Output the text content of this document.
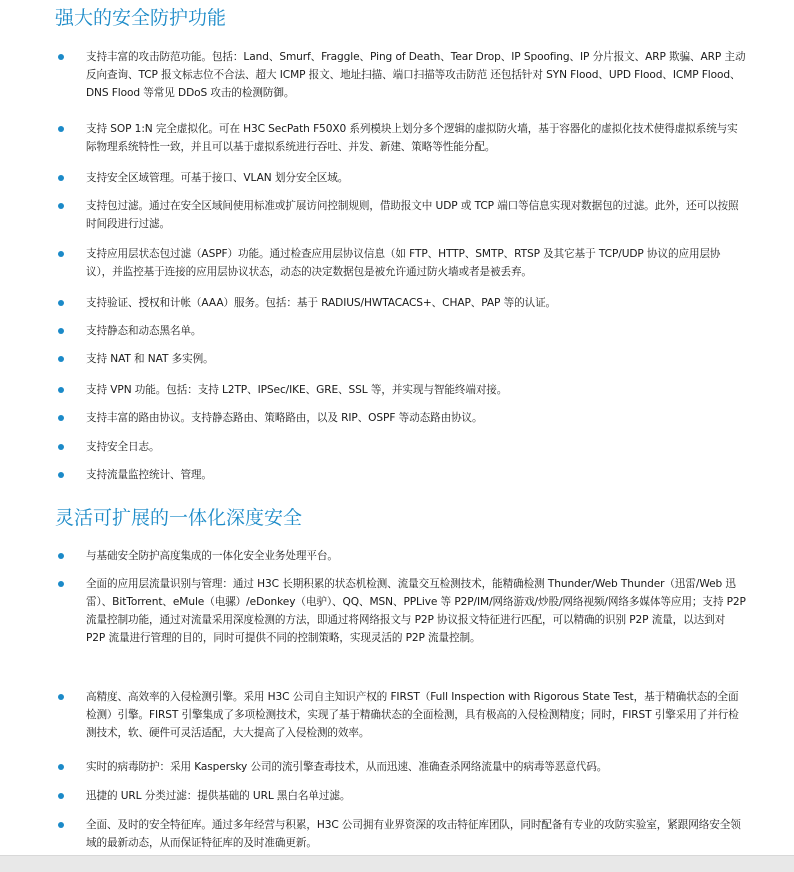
强大的安全防护功能
支持丰富的攻击防范功能。包括：Land、Smurf、Fraggle、Ping of Death、Tear Drop、IP Spoofing、IP 分片报文、ARP 欺骗、ARP 主动反向查询、TCP 报文标志位不合法、超大 ICMP 报文、地址扫描、端口扫描等攻击防范 还包括针对 SYN Flood、UPD Flood、ICMP Flood、DNS Flood 等常见 DDoS 攻击的检测防御。
支持 SOP 1:N 完全虚拟化。可在 H3C SecPath F50X0 系列模块上划分多个逻辑的虚拟防火墙，基于容器化的虚拟化技术使得虚拟系统与实际物理系统特性一致，并且可以基于虚拟系统进行吞吐、并发、新建、策略等性能分配。
支持安全区域管理。可基于接口、VLAN 划分安全区域。
支持包过滤。通过在安全区域间使用标准或扩展访问控制规则，借助报文中 UDP 或 TCP 端口等信息实现对数据包的过滤。此外，还可以按照时间段进行过滤。
支持应用层状态包过滤（ASPF）功能。通过检查应用层协议信息（如 FTP、HTTP、SMTP、RTSP 及其它基于 TCP/UDP 协议的应用层协议），并监控基于连接的应用层协议状态，动态的决定数据包是被允许通过防火墙或者是被丢弃。
支持验证、授权和计帐（AAA）服务。包括：基于 RADIUS/HWTACACS+、CHAP、PAP 等的认证。
支持静态和动态黑名单。
支持 NAT 和 NAT 多实例。
支持 VPN 功能。包括：支持 L2TP、IPSec/IKE、GRE、SSL 等，并实现与智能终端对接。
支持丰富的路由协议。支持静态路由、策略路由，以及 RIP、OSPF 等动态路由协议。
支持安全日志。
支持流量监控统计、管理。
灵活可扩展的一体化深度安全
与基础安全防护高度集成的一体化安全业务处理平台。
全面的应用层流量识别与管理：通过 H3C 长期积累的状态机检测、流量交互检测技术，能精确检测 Thunder/Web Thunder（迅雷/Web 迅雷）、BitTorrent、eMule（电骡）/eDonkey（电驴）、QQ、MSN、PPLive 等 P2P/IM/网络游戏/炒股/网络视频/网络多媒体等应用；支持 P2P 流量控制功能，通过对流量采用深度检测的方法，即通过将网络报文与 P2P 协议报文特征进行匹配，可以精确的识别 P2P 流量，以达到对 P2P 流量进行管理的目的，同时可提供不同的控制策略，实现灵活的 P2P 流量控制。
高精度、高效率的入侵检测引擎。采用 H3C 公司自主知识产权的 FIRST（Full Inspection with Rigorous State Test，基于精确状态的全面检测）引擎。FIRST 引擎集成了多项检测技术，实现了基于精确状态的全面检测，具有极高的入侵检测精度；同时，FIRST 引擎采用了并行检测技术，软、硬件可灵活适配，大大提高了入侵检测的效率。
实时的病毒防护：采用 Kaspersky 公司的流引擎查毒技术，从而迅速、准确查杀网络流量中的病毒等恶意代码。
迅捷的 URL 分类过滤：提供基础的 URL 黑白名单过滤。
全面、及时的安全特征库。通过多年经营与积累，H3C 公司拥有业界资深的攻击特征库团队，同时配备有专业的攻防实验室，紧跟网络安全领域的最新动态，从而保证特征库的及时准确更新。
